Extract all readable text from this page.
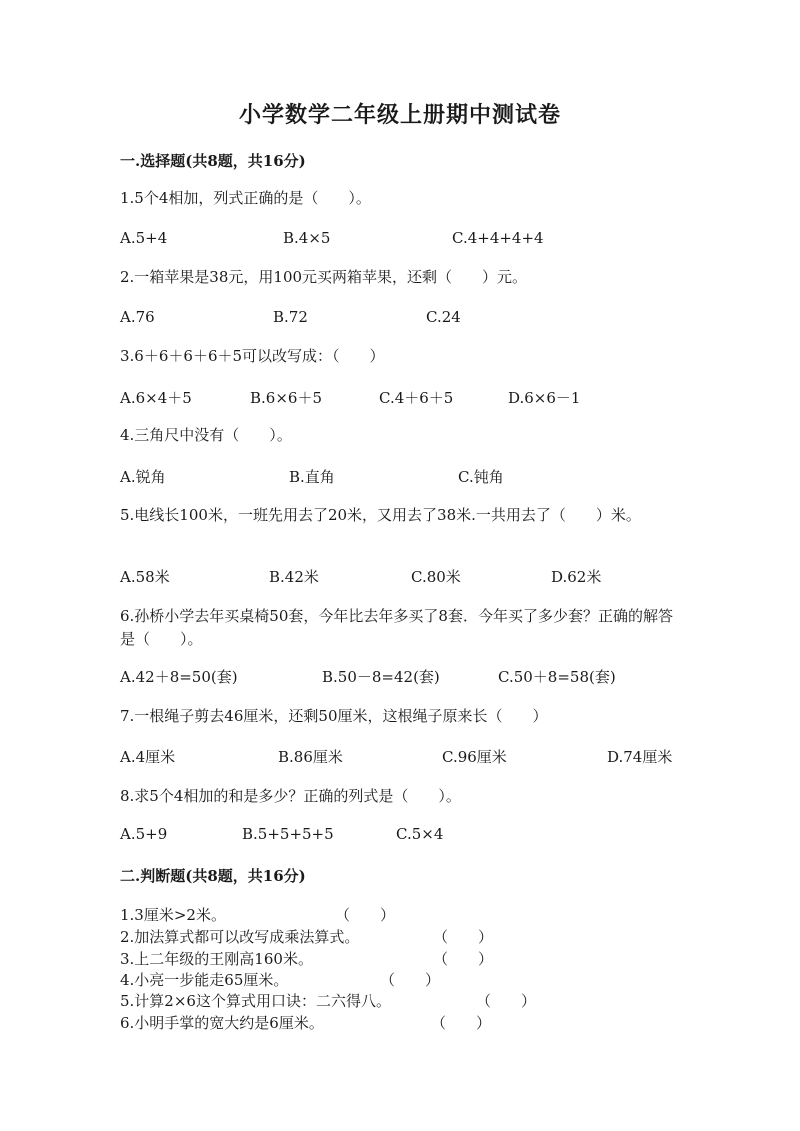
小学数学二年级上册期中测试卷
一.选择题(共8题，共16分)
1.5个4相加，列式正确的是（　　）。
A.5+4	B.4×5	C.4+4+4+4
2.一箱苹果是38元，用100元买两箱苹果，还剩（　　）元。
A.76	B.72	C.24
3.6＋6＋6＋6＋5可以改写成：（　　）
A.6×4＋5	B.6×6＋5	C.4＋6＋5	D.6×6－1
4.三角尺中没有（　　）。
A.锐角	B.直角	C.钝角
5.电线长100米，一班先用去了20米，又用去了38米.一共用去了（　　）米。
A.58米	B.42米	C.80米	D.62米
6.孙桥小学去年买桌椅50套，今年比去年多买了8套．今年买了多少套？正确的解答是（　　）。
A.42＋8=50(套)	B.50－8=42(套)	C.50＋8=58(套)
7.一根绳子剪去46厘米，还剩50厘米，这根绳子原来长（　　）
A.4厘米	B.86厘米	C.96厘米	D.74厘米
8.求5个4相加的和是多少？正确的列式是（　　）。
A.5+9	B.5+5+5+5	C.5×4
二.判断题(共8题，共16分)
1.3厘米>2米。	（　　）
2.加法算式都可以改写成乘法算式。	（　　）
3.上二年级的王刚高160米。	（　　）
4.小亮一步能走65厘米。	（　　）
5.计算2×6这个算式用口诀：二六得八。	（　　）
6.小明手掌的宽大约是6厘米。	（　　）
